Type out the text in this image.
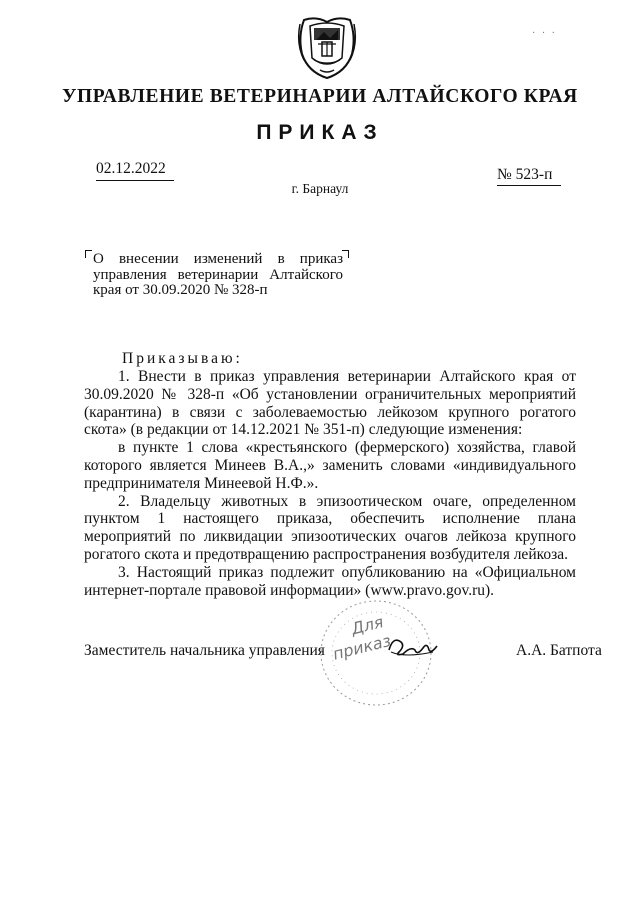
· · ·
УПРАВЛЕНИЕ ВЕТЕРИНАРИИ АЛТАЙСКОГО КРАЯ
ПРИКАЗ
02.12.2022	№ 523-п
г. Барнаул

О внесении изменений в приказ управления ветеринарии Алтайского края от 30.09.2020 № 328-п

Приказываю:

1. Внести в приказ управления ветеринарии Алтайского края от 30.09.2020 № 328-п «Об установлении ограничительных мероприятий (карантина) в связи с заболеваемостью лейкозом крупного рогатого скота» (в редакции от 14.12.2021 № 351-п) следующие изменения:

в пункте 1 слова «крестьянского (фермерского) хозяйства, главой которого является Минеев В.А.,» заменить словами «индивидуального предпринимателя Минеевой Н.Ф.».

2. Владельцу животных в эпизоотическом очаге, определенном пунктом 1 настоящего приказа, обеспечить исполнение плана мероприятий по ликвидации эпизоотических очагов лейкоза крупного рогатого скота и предотвращению распространения возбудителя лейкоза.

3. Настоящий приказ подлежит опубликованию на «Официальном интернет-портале правовой информации» (www.pravo.gov.ru).

Для
приказ
Заместитель начальника управления	А.А. Батпота
